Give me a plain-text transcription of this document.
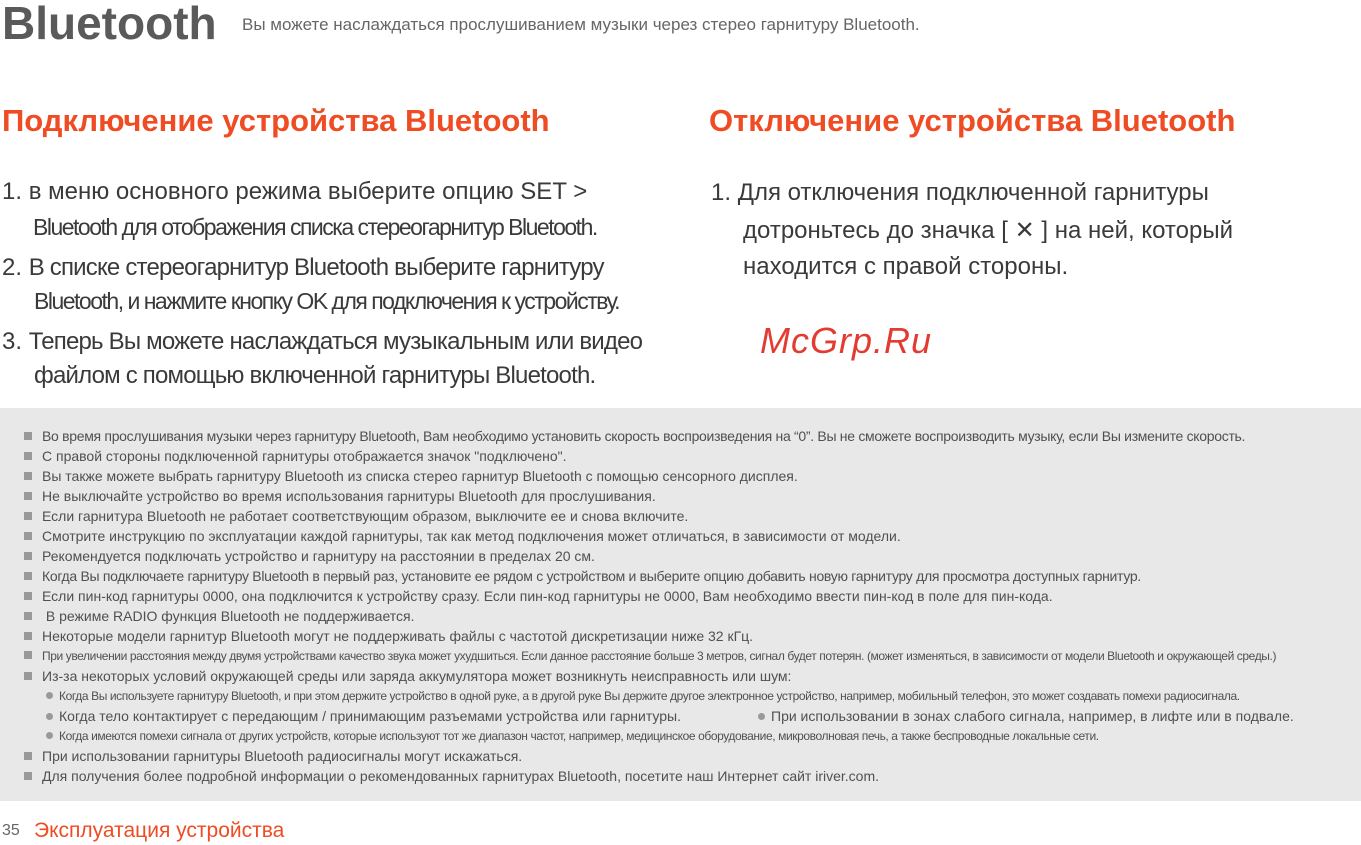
Bluetooth Вы можете наслаждаться прослушиванием музыки через стерео гарнитуру Bluetooth.
Подключение устройства Bluetooth	Отключение устройства Bluetooth
1. в меню основного режима выберите опцию SET >
Bluetooth для отображения списка стереогарнитур Bluetooth.
2. В списке стереогарнитур Bluetooth выберите гарнитуру
Bluetooth, и нажмите кнопку OK для подключения к устройству.
3. Теперь Вы можете наслаждаться музыкальным или видео
файлом с помощью включенной гарнитуры Bluetooth.
1. Для отключения подключенной гарнитуры
дотроньтесь до значка [ ✕ ] на ней, который
находится с правой стороны.
Во время прослушивания музыки через гарнитуру Bluetooth, Вам необходимо установить скорость воспроизведения на “0”. Вы не сможете воспроизводить музыку, если Вы измените скорость.
С правой стороны подключенной гарнитуры отображается значок "подключено".
Вы также можете выбрать гарнитуру Bluetooth из списка стерео гарнитур Bluetooth с помощью сенсорного дисплея.
Не выключайте устройство во время использования гарнитуры Bluetooth для прослушивания.
Если гарнитура Bluetooth не работает соответствующим образом, выключите ее и снова включите.
Смотрите инструкцию по эксплуатации каждой гарнитуры, так как метод подключения может отличаться, в зависимости от модели.
Рекомендуется подключать устройство и гарнитуру на расстоянии в пределах 20 см.
Когда Вы подключаете гарнитуру Bluetooth в первый раз, установите ее рядом с устройством и выберите опцию добавить новую гарнитуру для просмотра доступных гарнитур.
Если пин-код гарнитуры 0000, она подключится к устройству сразу. Если пин-код гарнитуры не 0000, Вам необходимо ввести пин-код в поле для пин-кода.
В режиме RADIO функция Bluetooth не поддерживается.
Некоторые модели гарнитур Bluetooth могут не поддерживать файлы с частотой дискретизации ниже 32 кГц.
При увеличении расстояния между двумя устройствами качество звука может ухудшиться. Если данное расстояние больше 3 метров, сигнал будет потерян. (может изменяться, в зависимости от модели Bluetooth и окружающей среды.)
Из-за некоторых условий окружающей среды или заряда аккумулятора может возникнуть неисправность или шум:
Когда Вы используете гарнитуру Bluetooth, и при этом держите устройство в одной руке, а в другой руке Вы держите другое электронное устройство, например, мобильный телефон, это может создавать помехи радиосигнала.
Когда тело контактирует с передающим / принимающим разъемами устройства или гарнитуры.	При использовании в зонах слабого сигнала, например, в лифте или в подвале.
Когда имеются помехи сигнала от других устройств, которые используют тот же диапазон частот, например, медицинское оборудование, микроволновая печь, а также беспроводные локальные сети.
При использовании гарнитуры Bluetooth радиосигналы могут искажаться.
Для получения более подробной информации о рекомендованных гарнитурах Bluetooth, посетите наш Интернет сайт iriver.com.
McGrp.Ru
35 Эксплуатация устройства
